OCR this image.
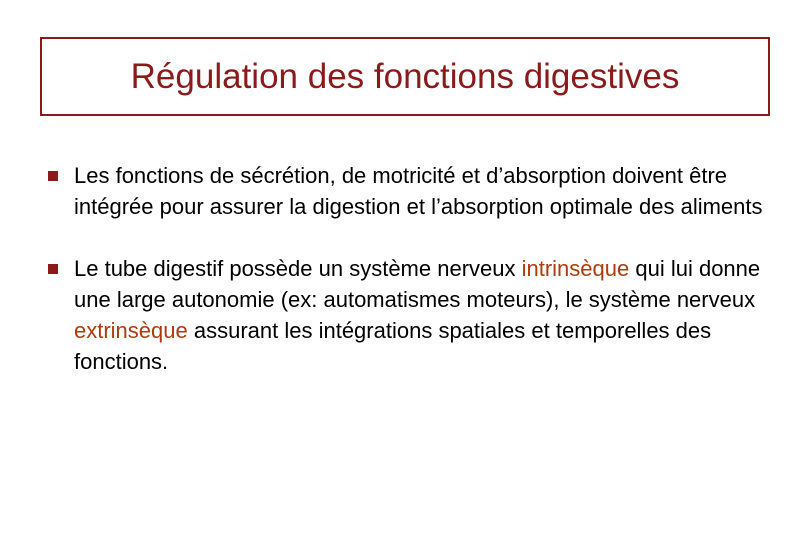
Régulation des fonctions digestives
Les fonctions de sécrétion, de motricité et d’absorption doivent être intégrée pour assurer la digestion et l’absorption optimale des aliments
Le tube digestif possède un système nerveux intrinsèque qui lui donne une large autonomie (ex: automatismes moteurs), le système nerveux extrinsèque assurant les intégrations spatiales et temporelles des fonctions.
